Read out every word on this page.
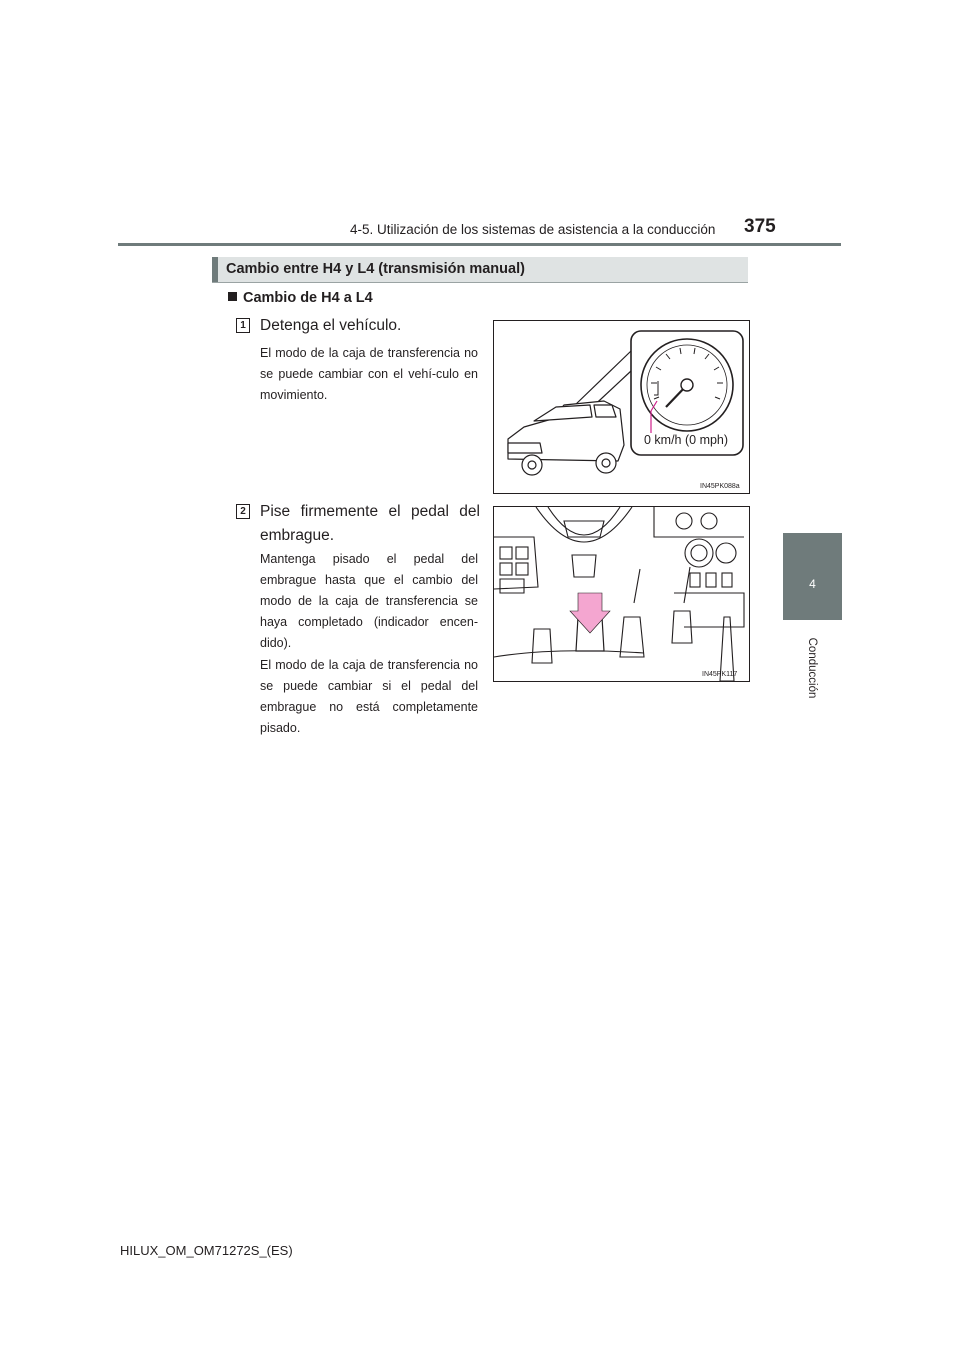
4-5. Utilización de los sistemas de asistencia a la conducción 375
4
Conducción
Cambio entre H4 y L4 (transmisión manual)
Cambio de H4 a L4
1 Detenga el vehículo.
El modo de la caja de transferencia no se puede cambiar con el vehí-culo en movimiento.
0 km/h (0 mph)
IN45PK088a
2 Pise firmemente el pedal del embrague.
Mantenga pisado el pedal del embrague hasta que el cambio del modo de la caja de transferencia se haya completado (indicador encen-dido).
El modo de la caja de transferencia no se puede cambiar si el pedal del embrague no está completamente pisado.
IN45PK117
HILUX_OM_OM71272S_(ES)
